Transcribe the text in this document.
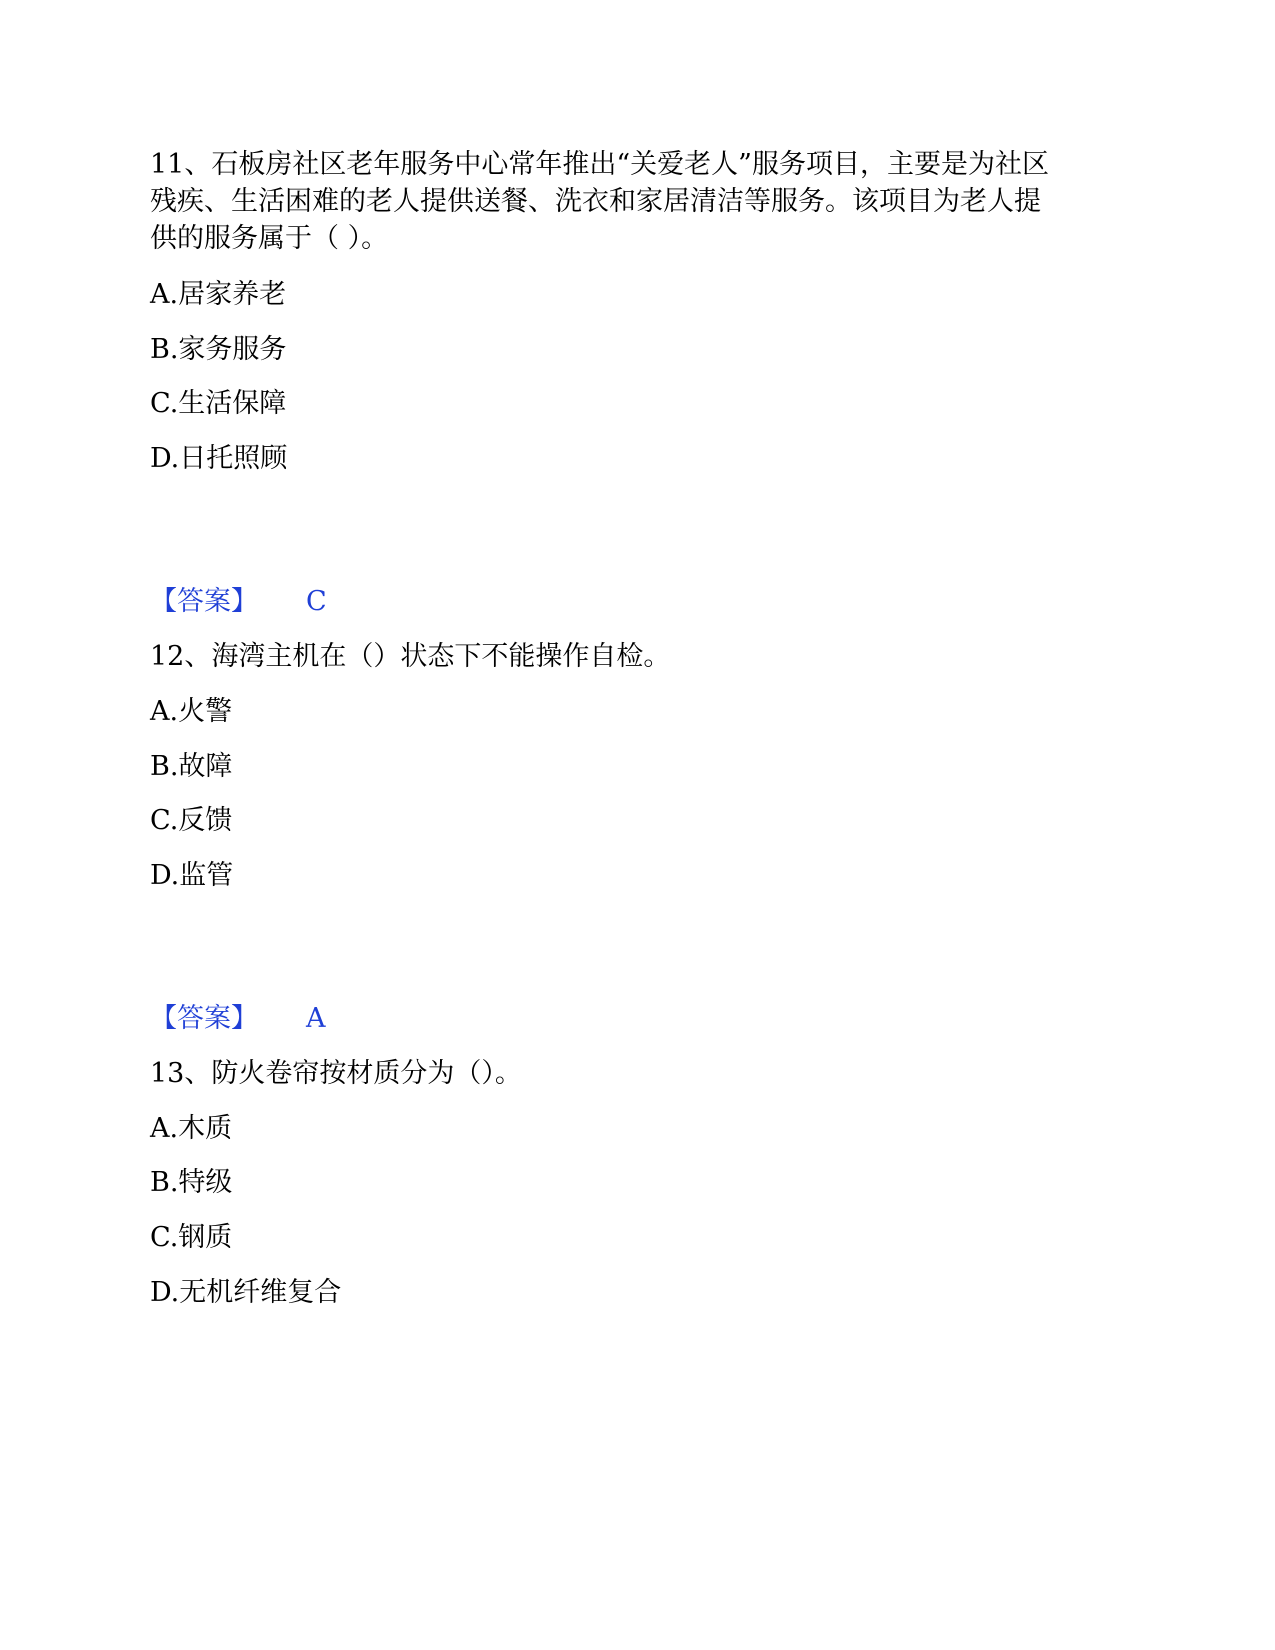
11、石板房社区老年服务中心常年推出“关爱老人”服务项目，主要是为社区
残疾、生活困难的老人提供送餐、洗衣和家居清洁等服务。该项目为老人提
供的服务属于（ ）。
A.居家养老
B.家务服务
C.生活保障
D.日托照顾
【答案】 C
12、海湾主机在（）状态下不能操作自检。
A.火警
B.故障
C.反馈
D.监管
【答案】 A
13、防火卷帘按材质分为（）。
A.木质
B.特级
C.钢质
D.无机纤维复合
